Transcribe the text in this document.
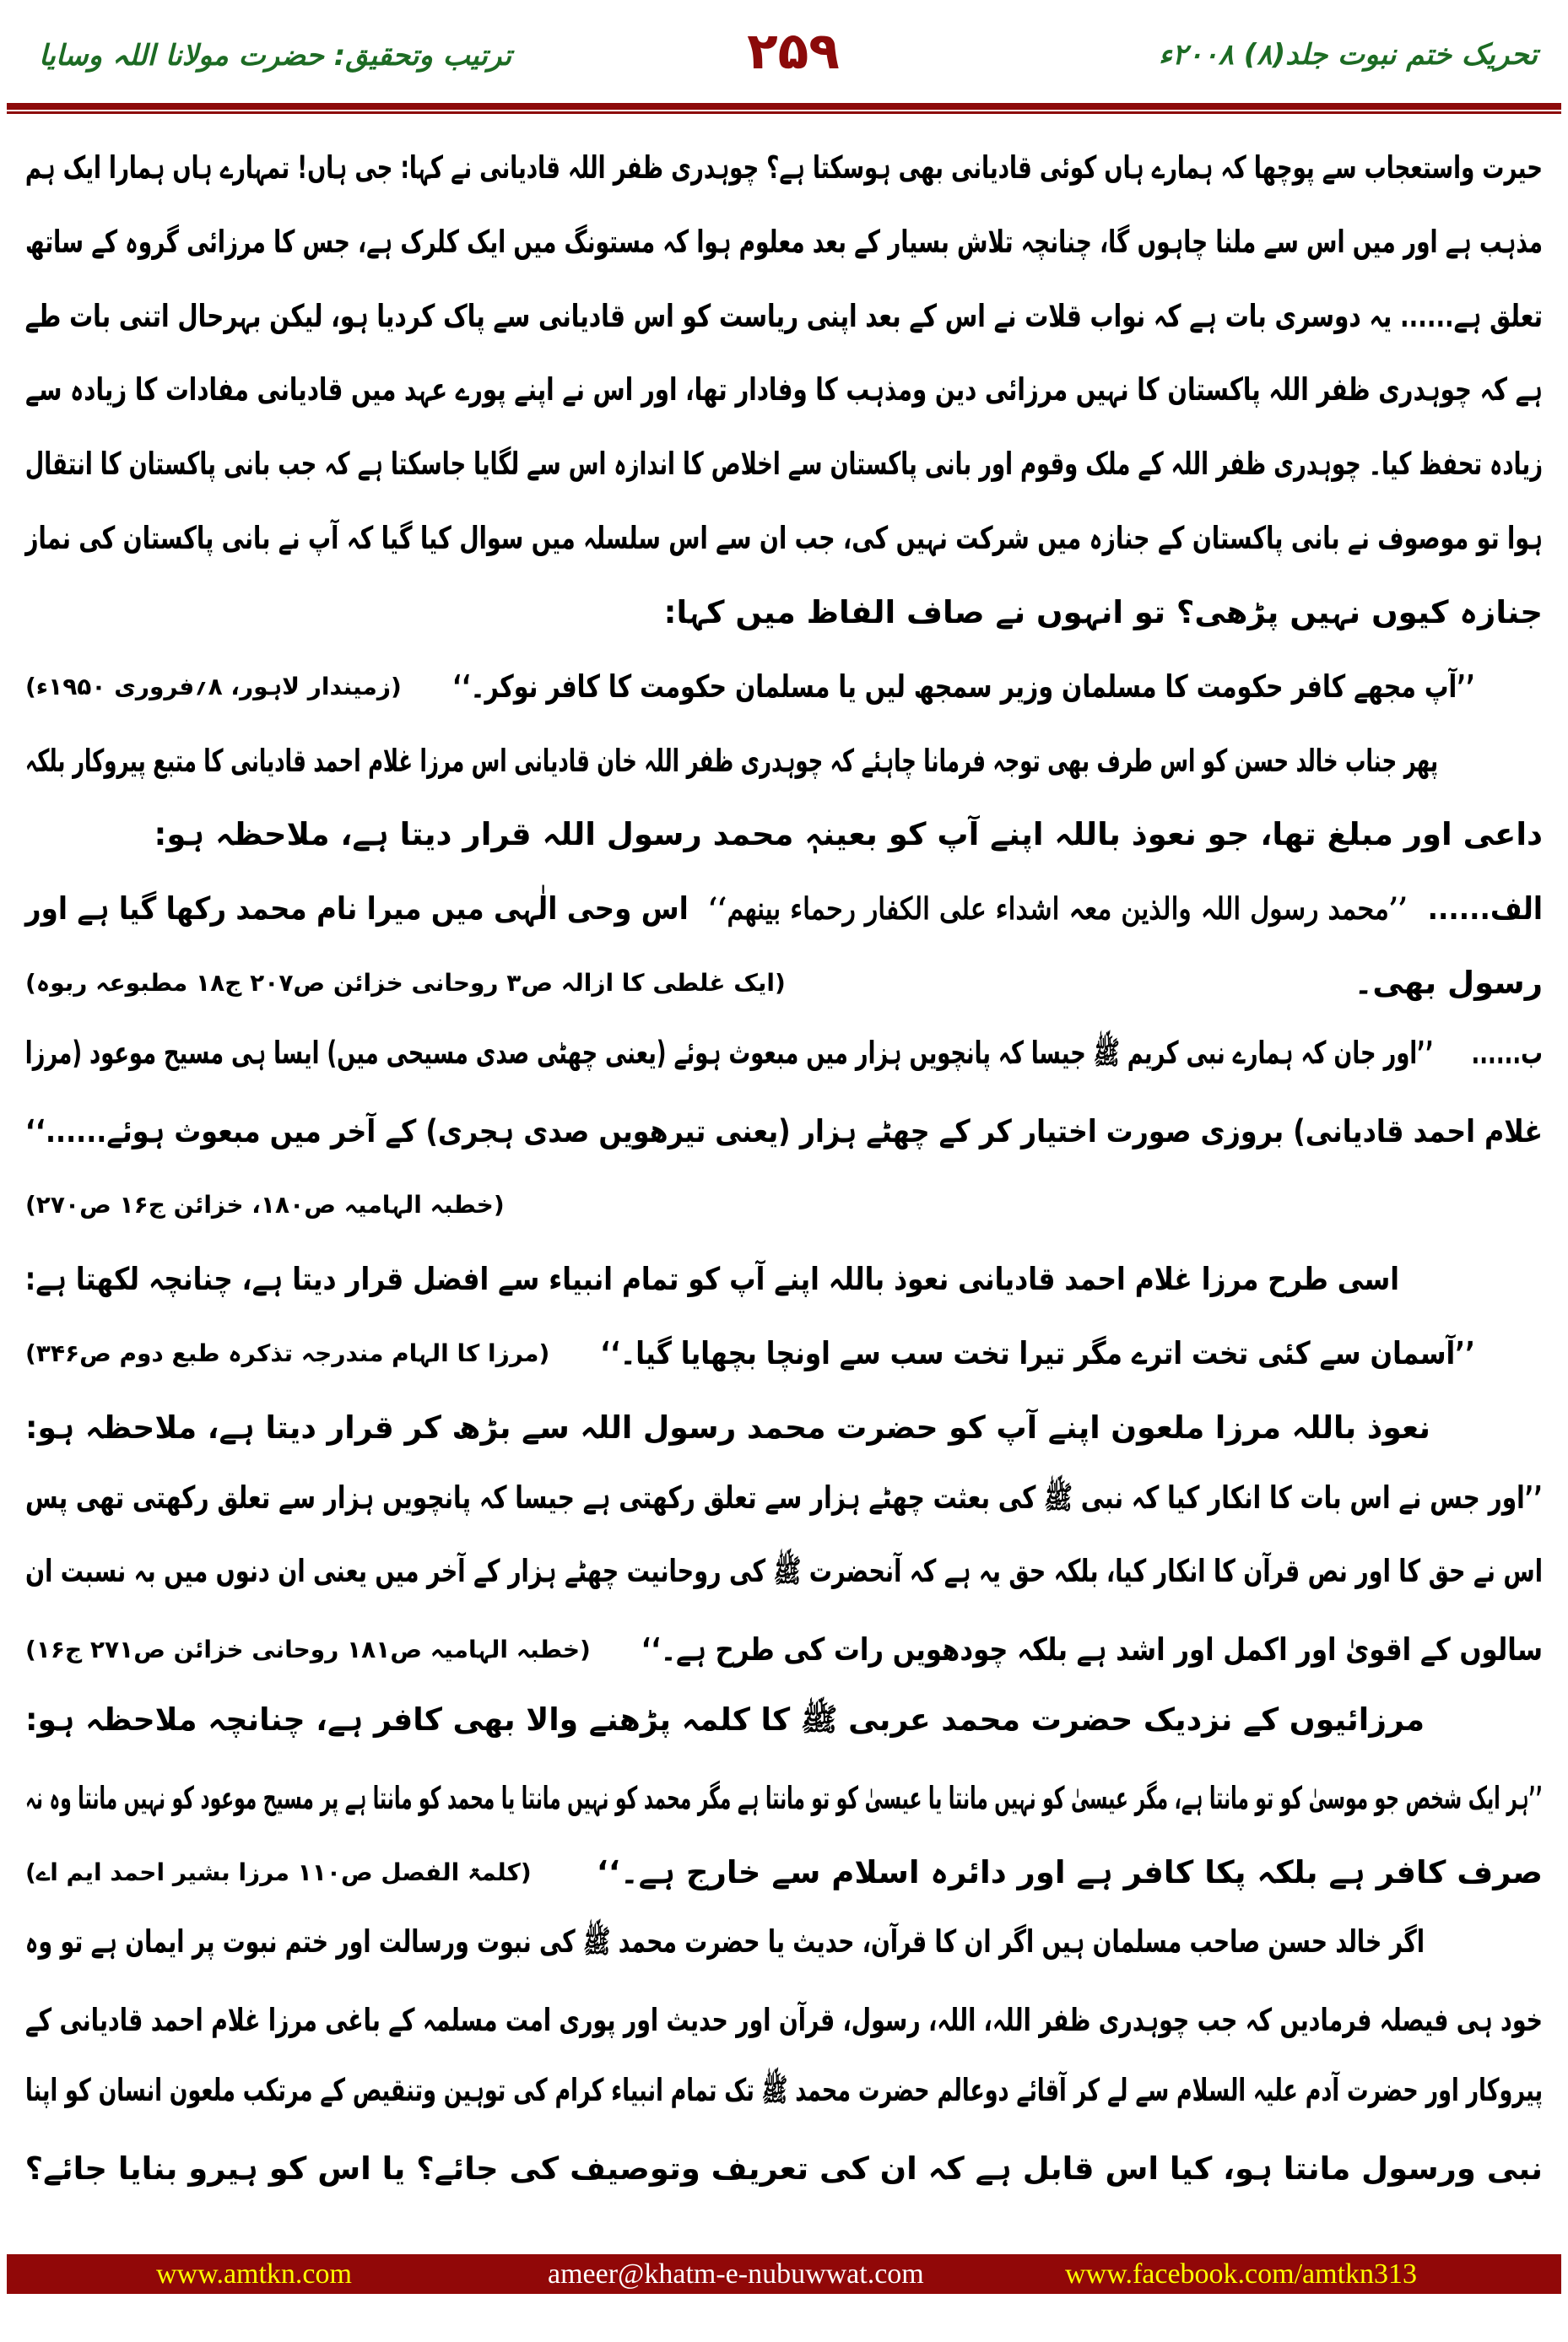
تحریک ختم نبوت جلد(۸) ۲۰۰۸ء
۲۵۹
ترتیب وتحقیق: حضرت مولانا اللہ وسایا
حیرت واستعجاب سے پوچھا کہ ہمارے ہاں کوئی قادیانی بھی ہوسکتا ہے؟ چوہدری ظفر اللہ قادیانی نے کہا: جی ہاں! تمہارے ہاں ہمارا ایک ہم
مذہب ہے اور میں اس سے ملنا چاہوں گا، چنانچہ تلاش بسیار کے بعد معلوم ہوا کہ مستونگ میں ایک کلرک ہے، جس کا مرزائی گروہ کے ساتھ
تعلق ہے...... یہ دوسری بات ہے کہ نواب قلات نے اس کے بعد اپنی ریاست کو اس قادیانی سے پاک کردیا ہو، لیکن بہرحال اتنی بات طے
ہے کہ چوہدری ظفر اللہ پاکستان کا نہیں مرزائی دین ومذہب کا وفادار تھا، اور اس نے اپنے پورے عہد میں قادیانی مفادات کا زیادہ سے
زیادہ تحفظ کیا۔ چوہدری ظفر اللہ کے ملک وقوم اور بانی پاکستان سے اخلاص کا اندازہ اس سے لگایا جاسکتا ہے کہ جب بانی پاکستان کا انتقال
ہوا تو موصوف نے بانی پاکستان کے جنازہ میں شرکت نہیں کی، جب ان سے اس سلسلہ میں سوال کیا گیا کہ آپ نے بانی پاکستان کی نماز
جنازہ کیوں نہیں پڑھی؟ تو انہوں نے صاف الفاظ میں کہا:
’’آپ مجھے کافر حکومت کا مسلمان وزیر سمجھ لیں یا مسلمان حکومت کا کافر نوکر۔‘‘
(زمیندار لاہور، ۸؍فروری ۱۹۵۰ء)
پھر جناب خالد حسن کو اس طرف بھی توجہ فرمانا چاہئے کہ چوہدری ظفر اللہ خان قادیانی اس مرزا غلام احمد قادیانی کا متبع پیروکار بلکہ
داعی اور مبلغ تھا، جو نعوذ باللہ اپنے آپ کو بعینہٖ محمد رسول اللہ قرار دیتا ہے، ملاحظہ ہو:
الف...... ’’محمد رسول اللہ والذین معہ اشداء علی الکفار رحماء بینھم‘‘ اس وحی الٰہی میں میرا نام محمد رکھا گیا ہے اور
رسول بھی۔
(ایک غلطی کا ازالہ ص۳ روحانی خزائن ص۲۰۷ ج۱۸ مطبوعہ ربوہ)
ب......     ’’اور جان کہ ہمارے نبی کریم ﷺ جیسا کہ پانچویں ہزار میں مبعوث ہوئے (یعنی چھٹی صدی مسیحی میں) ایسا ہی مسیح موعود (مرزا
غلام احمد قادیانی) بروزی صورت اختیار کر کے چھٹے ہزار (یعنی تیرھویں صدی ہجری) کے آخر میں مبعوث ہوئے......‘‘
(خطبہ الہامیہ ص۱۸۰، خزائن ج۱۶ ص۲۷۰)
اسی طرح مرزا غلام احمد قادیانی نعوذ باللہ اپنے آپ کو تمام انبیاء سے افضل قرار دیتا ہے، چنانچہ لکھتا ہے:
’’آسمان سے کئی تخت اترے مگر تیرا تخت سب سے اونچا بچھایا گیا۔‘‘
(مرزا کا الہام مندرجہ تذکرہ طبع دوم ص۳۴۶)
نعوذ باللہ مرزا ملعون اپنے آپ کو حضرت محمد رسول اللہ سے بڑھ کر قرار دیتا ہے، ملاحظہ ہو:
’’اور جس نے اس بات کا انکار کیا کہ نبی ﷺ کی بعثت چھٹے ہزار سے تعلق رکھتی ہے جیسا کہ پانچویں ہزار سے تعلق رکھتی تھی پس
اس نے حق کا اور نص قرآن کا انکار کیا، بلکہ حق یہ ہے کہ آنحضرت ﷺ کی روحانیت چھٹے ہزار کے آخر میں یعنی ان دنوں میں بہ نسبت ان
سالوں کے اقویٰ اور اکمل اور اشد ہے بلکہ چودھویں رات کی طرح ہے۔‘‘
(خطبہ الہامیہ ص۱۸۱ روحانی خزائن ص۲۷۱ ج۱۶)
مرزائیوں کے نزدیک حضرت محمد عربی ﷺ کا کلمہ پڑھنے والا بھی کافر ہے، چنانچہ ملاحظہ ہو:
’’ہر ایک شخص جو موسیٰ کو تو مانتا ہے، مگر عیسیٰ کو نہیں مانتا یا عیسیٰ کو تو مانتا ہے مگر محمد کو نہیں مانتا یا محمد کو مانتا ہے پر مسیح موعود کو نہیں مانتا وہ نہ
صرف کافر ہے بلکہ پکا کافر ہے اور دائرہ اسلام سے خارج ہے۔‘‘
(کلمۃ الفصل ص۱۱۰ مرزا بشیر احمد ایم اے)
اگر خالد حسن صاحب مسلمان ہیں اگر ان کا قرآن، حدیث یا حضرت محمد ﷺ کی نبوت ورسالت اور ختم نبوت پر ایمان ہے تو وہ
خود ہی فیصلہ فرمادیں کہ جب چوہدری ظفر اللہ، اللہ، رسول، قرآن اور حدیث اور پوری امت مسلمہ کے باغی مرزا غلام احمد قادیانی کے
پیروکار اور حضرت آدم علیہ السلام سے لے کر آقائے دوعالم حضرت محمد ﷺ تک تمام انبیاء کرام کی توہین وتنقیص کے مرتکب ملعون انسان کو اپنا
نبی ورسول مانتا ہو، کیا اس قابل ہے کہ ان کی تعریف وتوصیف کی جائے؟ یا اس کو ہیرو بنایا جائے؟
www.amtkn.com	ameer@khatm-e-nubuwwat.com	www.facebook.com/amtkn313
